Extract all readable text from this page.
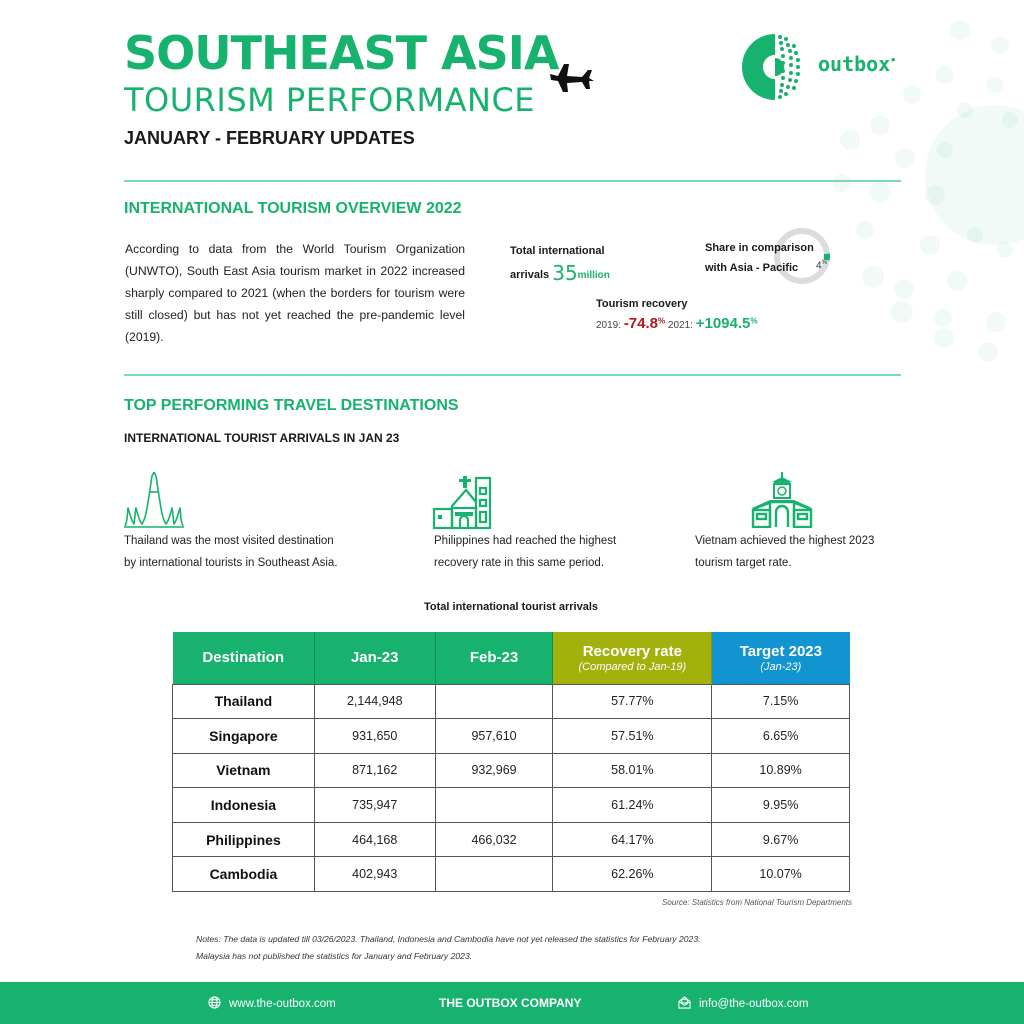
SOUTHEAST ASIA
TOURISM PERFORMANCE
JANUARY - FEBRUARY UPDATES
outbox•
INTERNATIONAL TOURISM OVERVIEW 2022

According to data from the World Tourism Organization (UNWTO), South East Asia tourism market in 2022 increased sharply compared to 2021 (when the borders for tourism were still closed) but has not yet reached the pre-pandemic level (2019).

Total international
arrivals 35million
Share in comparison
with Asia - Pacific	4%
Tourism recovery
2019: -74.8% 2021: +1094.5%
TOP PERFORMING TRAVEL DESTINATIONS
INTERNATIONAL TOURIST ARRIVALS IN JAN 23
Thailand was the most visited destination
by international tourists in Southeast Asia.
Philippines had reached the highest
recovery rate in this same period.
Vietnam achieved the highest 2023
tourism target rate.
Total international tourist arrivals
Destination	Jan-23	Feb-23	Recovery rate
(Compared to Jan-19)	Target 2023
(Jan-23)

Thailand	2,144,948		57.77%	7.15%
Singapore	931,650	957,610	57.51%	6.65%
Vietnam	871,162	932,969	58.01%	10.89%
Indonesia	735,947		61.24%	9.95%
Philippines	464,168	466,032	64.17%	9.67%
Cambodia	402,943		62.26%	10.07%
Source: Statistics from National Tourism Departments
Notes: The data is updated till 03/26/2023. Thailand, Indonesia and Cambodia have not yet released the statistics for February 2023.
Malaysia has not published the statistics for January and February 2023.
www.the-outbox.com	THE OUTBOX COMPANY	info@the-outbox.com
